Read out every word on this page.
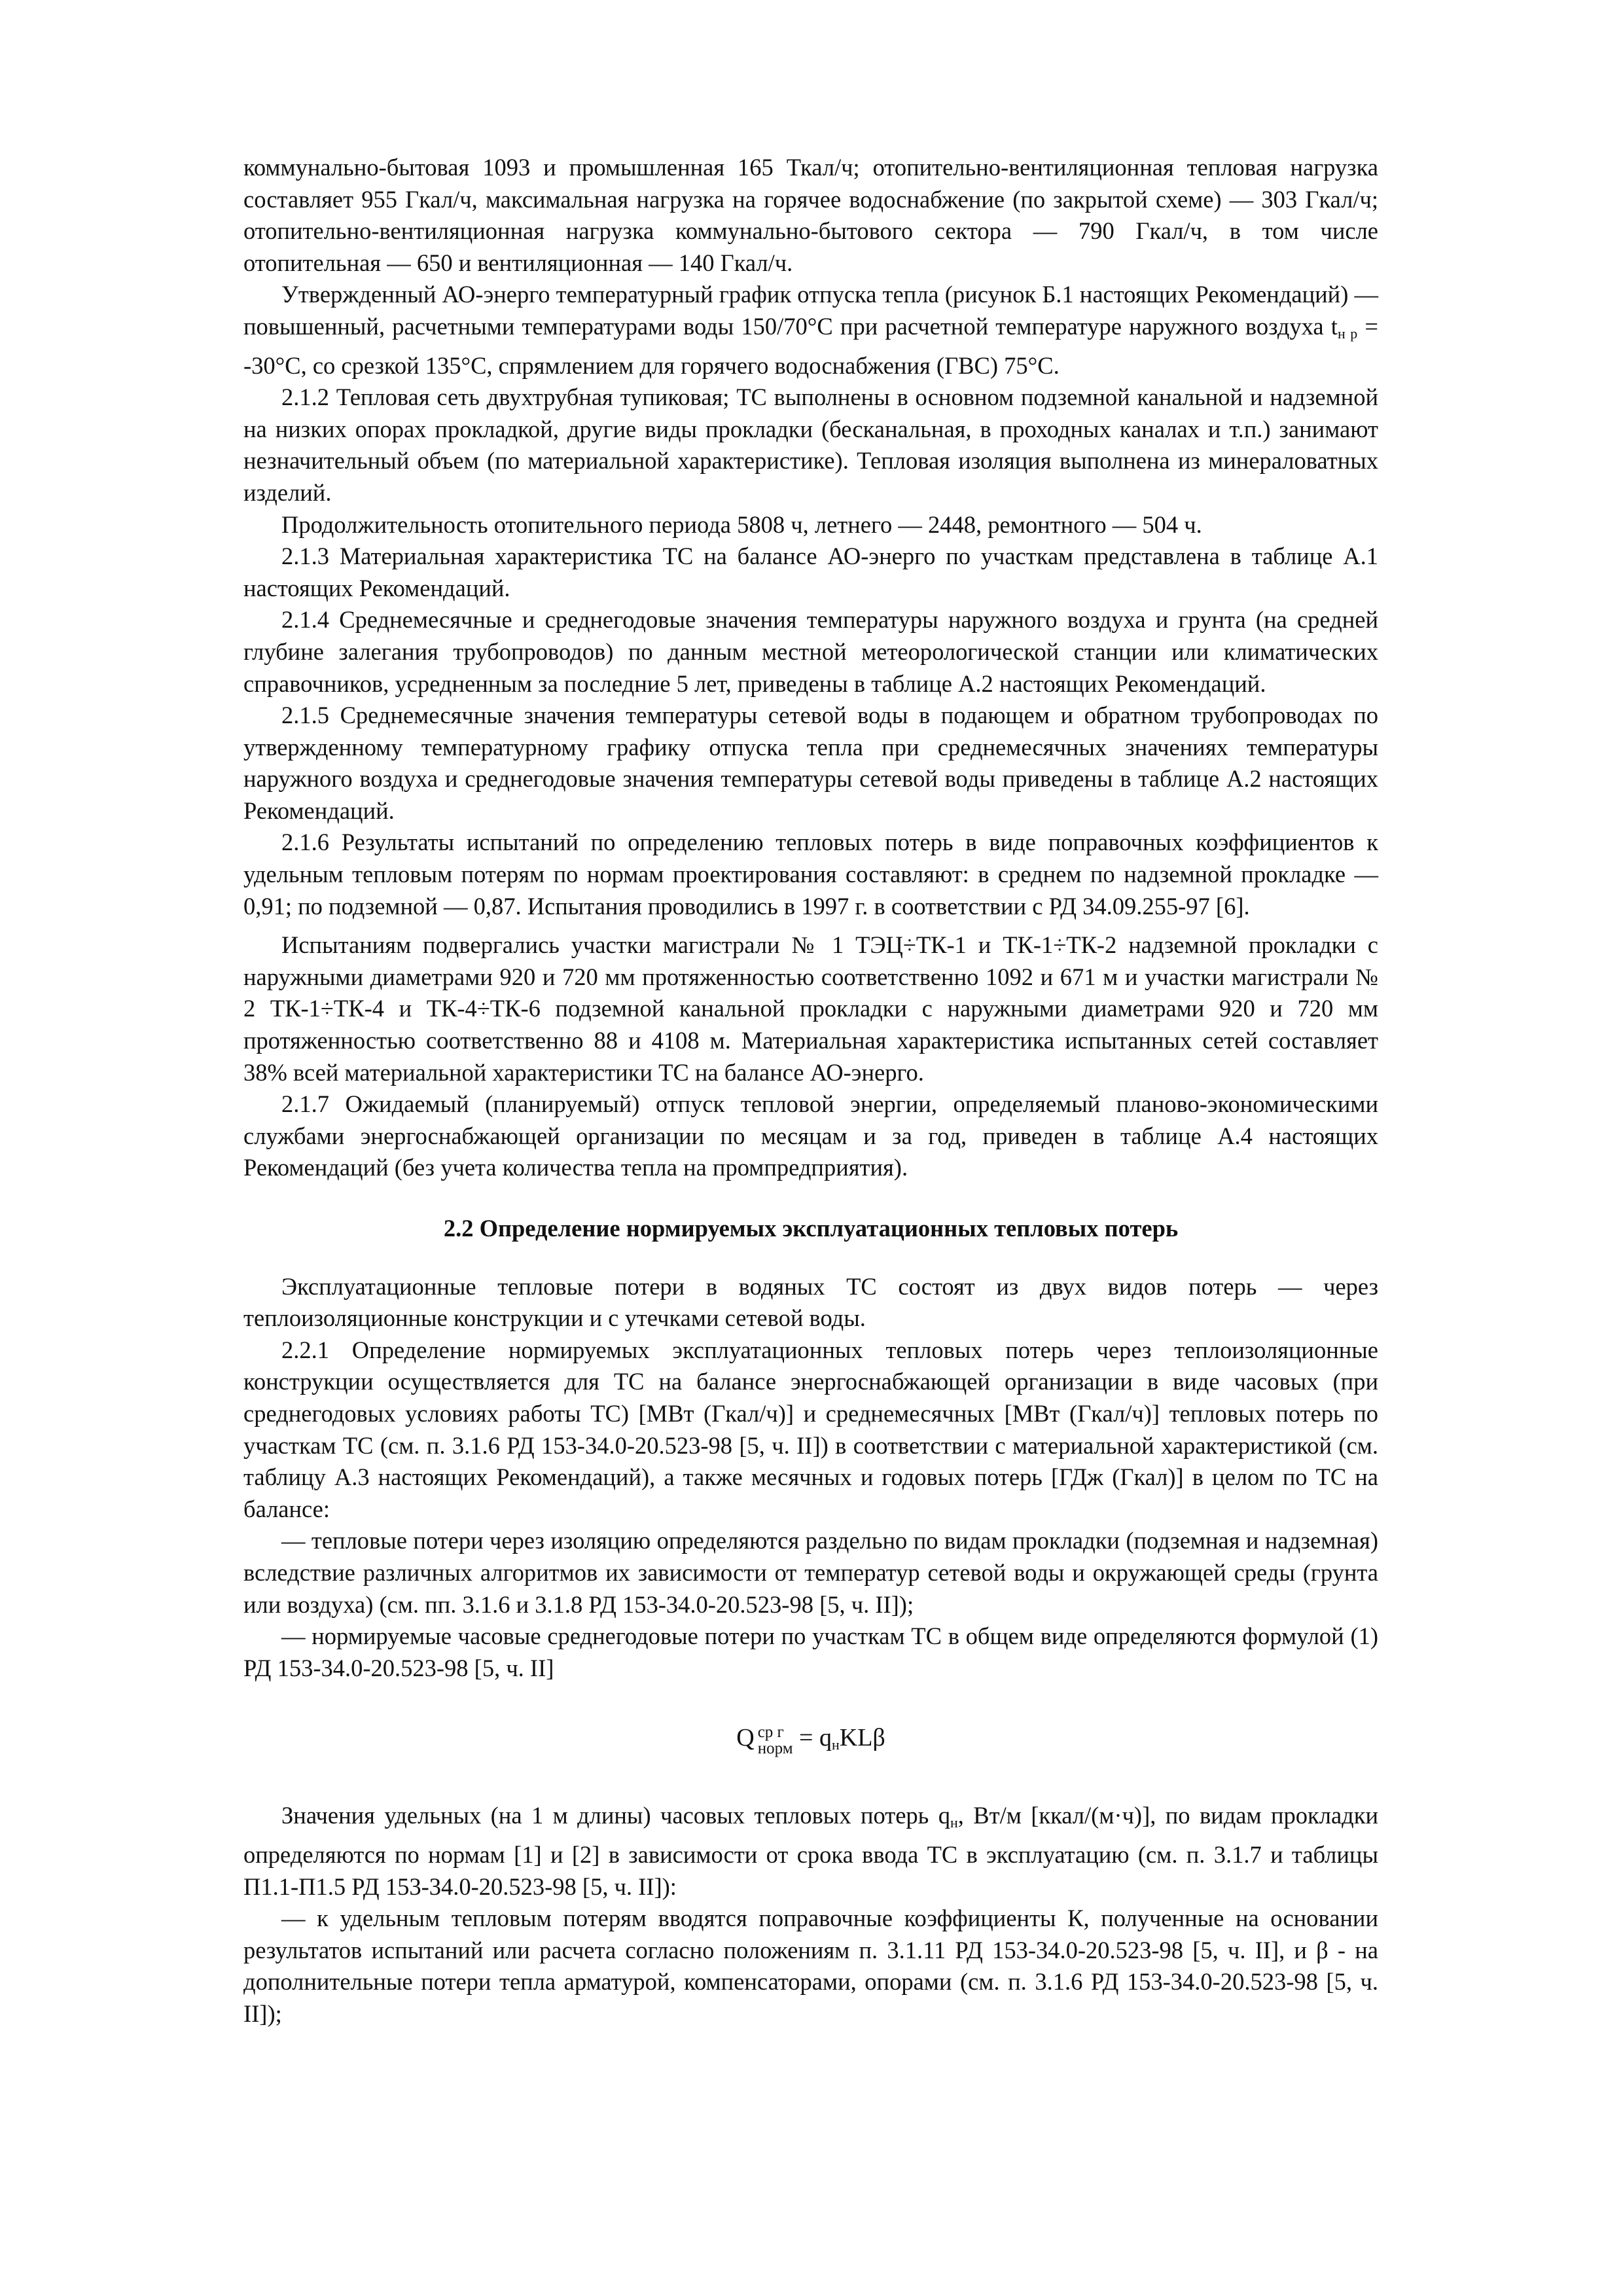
коммунально-бытовая 1093 и промышленная 165 Ткал/ч; отопительно-вентиляционная тепловая нагрузка составляет 955 Гкал/ч, максимальная нагрузка на горячее водоснабжение (по закрытой схеме) — 303 Гкал/ч; отопительно-вентиляционная нагрузка коммунально-бытового сектора — 790 Гкал/ч, в том числе отопительная — 650 и вентиляционная — 140 Гкал/ч.

Утвержденный АО-энерго температурный график отпуска тепла (рисунок Б.1 настоящих Рекомендаций) — повышенный, расчетными температурами воды 150/70°С при расчетной температуре наружного воздуха $t_{н р} = -30^\circ С$, со срезкой 135°С, спрямлением для горячего водоснабжения (ГВС) 75°С.

2.1.2 Тепловая сеть двухтрубная тупиковая; ТС выполнены в основном подземной канальной и надземной на низких опорах прокладкой, другие виды прокладки (бесканальная, в проходных каналах и т.п.) занимают незначительный объем (по материальной характеристике). Тепловая изоляция выполнена из минераловатных изделий.

Продолжительность отопительного периода 5808 ч, летнего — 2448, ремонтного — 504 ч.

2.1.3 Материальная характеристика ТС на балансе АО-энерго по участкам представлена в таблице А.1 настоящих Рекомендаций.

2.1.4 Среднемесячные и среднегодовые значения температуры наружного воздуха и грунта (на средней глубине залегания трубопроводов) по данным местной метеорологической станции или климатических справочников, усредненным за последние 5 лет, приведены в таблице А.2 настоящих Рекомендаций.

2.1.5 Среднемесячные значения температуры сетевой воды в подающем и обратном трубопроводах по утвержденному температурному графику отпуска тепла при среднемесячных значениях температуры наружного воздуха и среднегодовые значения температуры сетевой воды приведены в таблице А.2 настоящих Рекомендаций.

2.1.6 Результаты испытаний по определению тепловых потерь в виде поправочных коэффициентов к удельным тепловым потерям по нормам проектирования составляют: в среднем по надземной прокладке — 0,91; по подземной — 0,87. Испытания проводились в 1997 г. в соответствии с РД 34.09.255-97 [6].

Испытаниям подвергались участки магистрали № 1 ТЭЦ÷ТК-1 и ТК-1÷ТК-2 надземной прокладки с наружными диаметрами 920 и 720 мм протяженностью соответственно 1092 и 671 м и участки магистрали № 2 ТК-1÷ТК-4 и ТК-4÷ТК-6 подземной канальной прокладки с наружными диаметрами 920 и 720 мм протяженностью соответственно 88 и 4108 м. Материальная характеристика испытанных сетей составляет 38% всей материальной характеристики ТС на балансе АО-энерго.

2.1.7 Ожидаемый (планируемый) отпуск тепловой энергии, определяемый планово-экономическими службами энергоснабжающей организации по месяцам и за год, приведен в таблице А.4 настоящих Рекомендаций (без учета количества тепла на промпредприятия).

2.2 Определение нормируемых эксплуатационных тепловых потерь

Эксплуатационные тепловые потери в водяных ТС состоят из двух видов потерь — через теплоизоляционные конструкции и с утечками сетевой воды.

2.2.1 Определение нормируемых эксплуатационных тепловых потерь через теплоизоляционные конструкции осуществляется для ТС на балансе энергоснабжающей организации в виде часовых (при среднегодовых условиях работы ТС) [МВт (Гкал/ч)] и среднемесячных [МВт (Гкал/ч)] тепловых потерь по участкам ТС (см. п. 3.1.6 РД 153-34.0-20.523-98 [5, ч. II]) в соответствии с материальной характеристикой (см. таблицу А.3 настоящих Рекомендаций), а также месячных и годовых потерь [ГДж (Гкал)] в целом по ТС на балансе:

— тепловые потери через изоляцию определяются раздельно по видам прокладки (подземная и надземная) вследствие различных алгоритмов их зависимости от температур сетевой воды и окружающей среды (грунта или воздуха) (см. пп. 3.1.6 и 3.1.8 РД 153-34.0-20.523-98 [5, ч. II]);

— нормируемые часовые среднегодовые потери по участкам ТС в общем виде определяются формулой (1) РД 153-34.0-20.523-98 [5, ч. II]

Q ср г
норм = $q_нKL\beta$

Значения удельных (на 1 м длины) часовых тепловых потерь $q_н$, Вт/м [ккал/(м·ч)], по видам прокладки определяются по нормам [1] и [2] в зависимости от срока ввода ТС в эксплуатацию (см. п. 3.1.7 и таблицы П1.1-П1.5 РД 153-34.0-20.523-98 [5, ч. II]):

— к удельным тепловым потерям вводятся поправочные коэффициенты К, полученные на основании результатов испытаний или расчета согласно положениям п. 3.1.11 РД 153-34.0-20.523-98 [5, ч. II], и β - на дополнительные потери тепла арматурой, компенсаторами, опорами (см. п. 3.1.6 РД 153-34.0-20.523-98 [5, ч. II]);
